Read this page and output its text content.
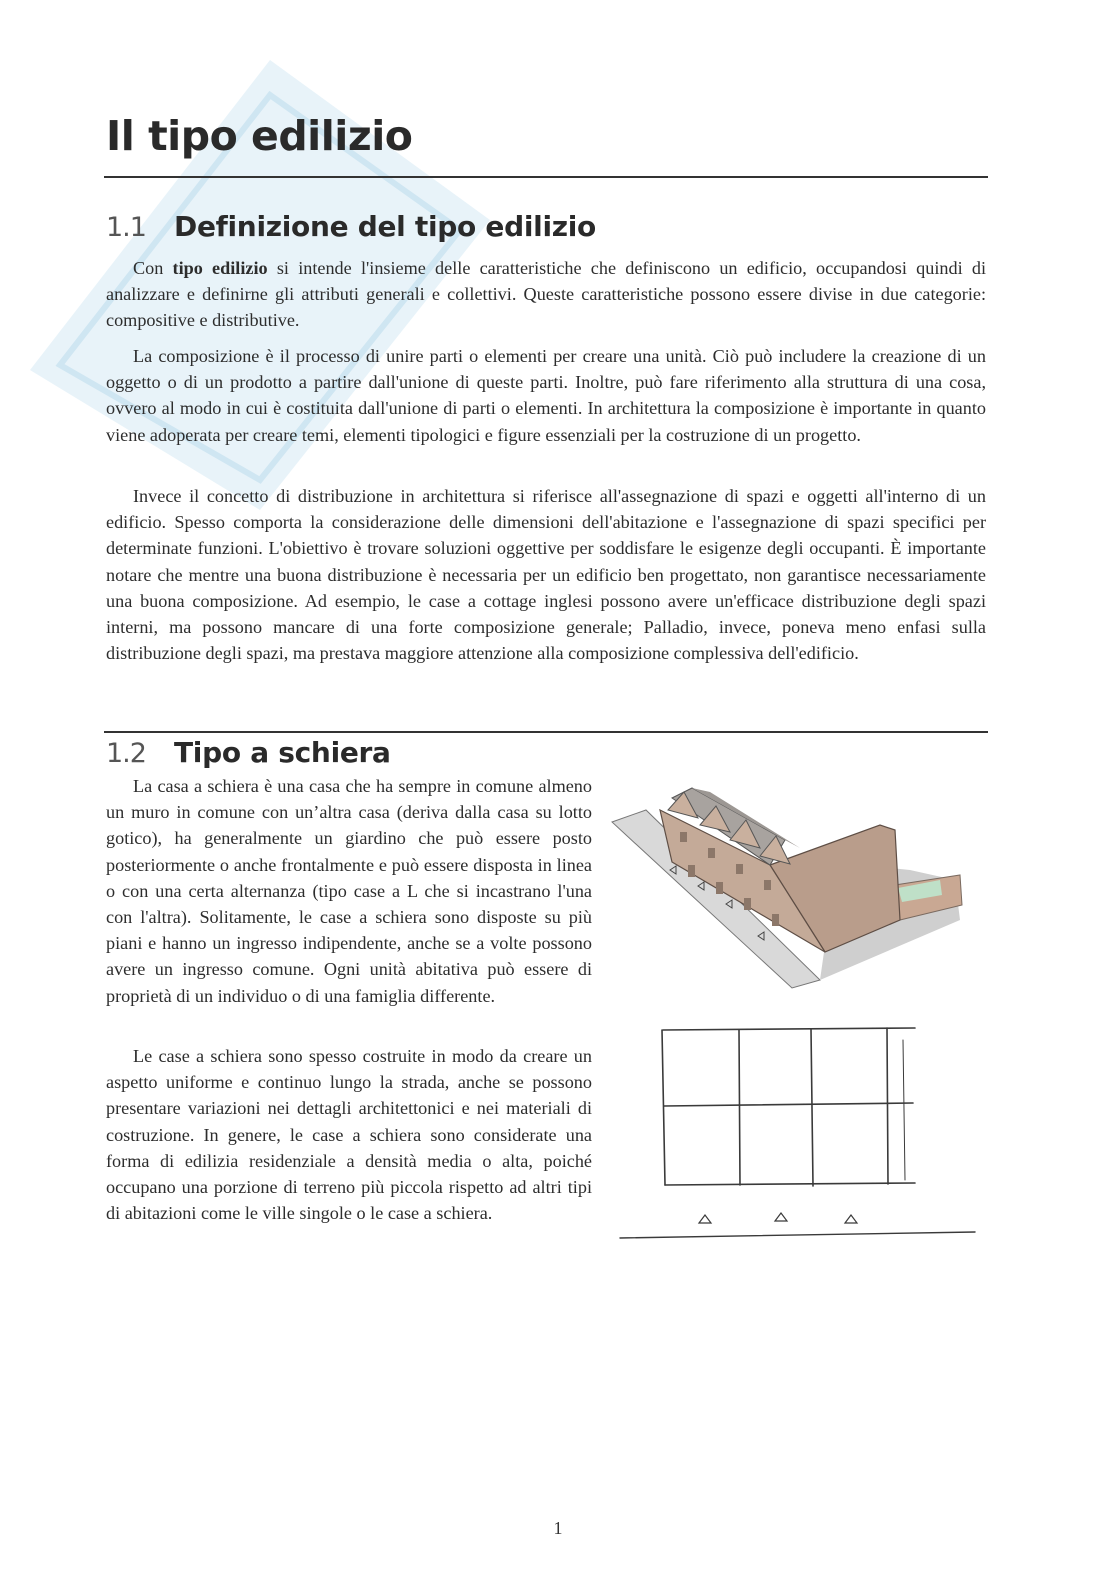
Il tipo edilizio
1.1	Definizione del tipo edilizio

Con tipo edilizio si intende l'insieme delle caratteristiche che definiscono un edificio, occupandosi quindi di analizzare e definirne gli attributi generali e collettivi. Queste caratteristiche possono essere divise in due categorie: compositive e distributive.

La composizione è il processo di unire parti o elementi per creare una unità. Ciò può includere la creazione di un oggetto o di un prodotto a partire dall'unione di queste parti. Inoltre, può fare riferimento alla struttura di una cosa, ovvero al modo in cui è costituita dall'unione di parti o elementi. In architettura la composizione è importante in quanto viene adoperata per creare temi, elementi tipologici e figure essenziali per la costruzione di un progetto.

Invece il concetto di distribuzione in architettura si riferisce all'assegnazione di spazi e oggetti all'interno di un edificio. Spesso comporta la considerazione delle dimensioni dell'abitazione e l'assegnazione di spazi specifici per determinate funzioni. L'obiettivo è trovare soluzioni oggettive per soddisfare le esigenze degli occupanti. È importante notare che mentre una buona distribuzione è necessaria per un edificio ben progettato, non garantisce necessariamente una buona composizione. Ad esempio, le case a cottage inglesi possono avere un'efficace distribuzione degli spazi interni, ma possono mancare di una forte composizione generale; Palladio, invece, poneva meno enfasi sulla distribuzione degli spazi, ma prestava maggiore attenzione alla composizione complessiva dell'edificio.

1.2	Tipo a schiera

La casa a schiera è una casa che ha sempre in comune almeno un muro in comune con un’altra casa (deriva dalla casa su lotto gotico), ha generalmente un giardino che può essere posto posteriormente o anche frontalmente e può essere disposta in linea o con una certa alternanza (tipo case a L che si incastrano l'una con l'altra). Solitamente, le case a schiera sono disposte su più piani e hanno un ingresso indipendente, anche se a volte possono avere un ingresso comune. Ogni unità abitativa può essere di proprietà di un individuo o di una famiglia differente.

Le case a schiera sono spesso costruite in modo da creare un aspetto uniforme e continuo lungo la strada, anche se possono presentare variazioni nei dettagli architettonici e nei materiali di costruzione. In genere, le case a schiera sono considerate una forma di edilizia residenziale a densità media o alta, poiché occupano una porzione di terreno più piccola rispetto ad altri tipi di abitazioni come le ville singole o le case a schiera.

1
